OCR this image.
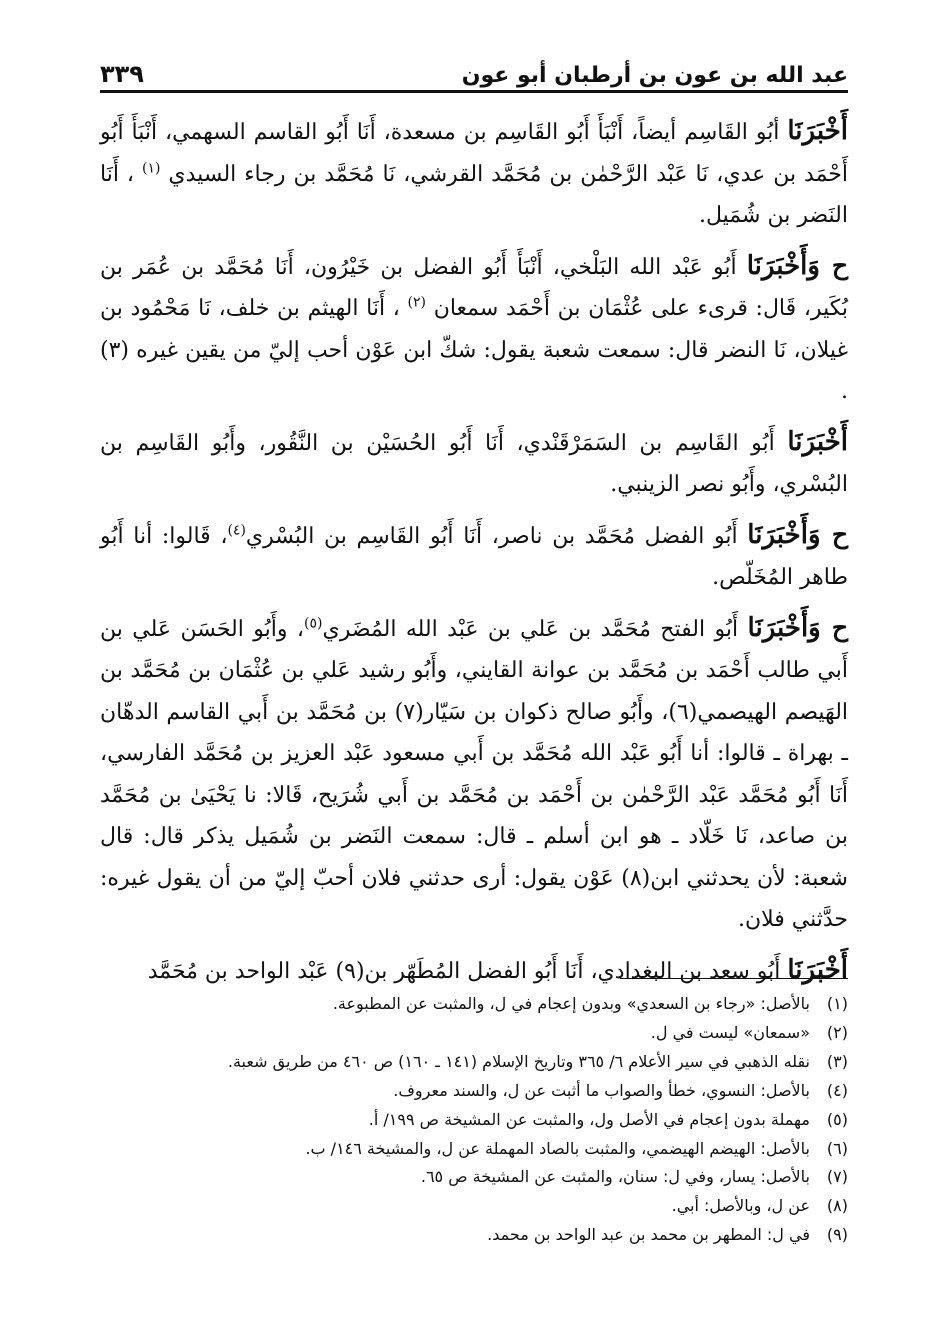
٣٣٩	عبد الله بن عون بن أرطبان أبو عون

أَخْبَرَنَا أبُو القَاسِم أيضاً، أَنْبَأَ أَبُو القَاسِم بن مسعدة، أَنَا أَبُو القاسم السهمي، أَنْبَأَ أَبُو أَحْمَد بن عدي، نَا عَبْد الرَّحْمٰن بن مُحَمَّد القرشي، نَا مُحَمَّد بن رجاء السيدي $^{(١)}$ ، أَنَا النَضر بن شُمَيل.

ح وَأَخْبَرَنَا أَبُو عَبْد الله البَلْخي، أَنْبَأَ أَبُو الفضل بن خَيْرُون، أَنَا مُحَمَّد بن عُمَر بن بُكَير، قَال: قرىء على عُثْمَان بن أَحْمَد سمعان $^{(٢)}$ ، أَنَا الهيثم بن خلف، نَا مَحْمُود بن غيلان، نَا النضر قال: سمعت شعبة يقول: شكّ ابن عَوْن أحب إليّ من يقين غيره (٣) .

أَخْبَرَنَا أَبُو القَاسِم بن السَمَرْقَنْدي، أَنَا أَبُو الحُسَيْن بن النَّقُور، وأَبُو القَاسِم بن البُسْري، وأَبُو نصر الزينبي.

ح وَأَخْبَرَنَا أَبُو الفضل مُحَمَّد بن ناصر، أَنَا أَبُو القَاسِم بن البُسْري$^{(٤)}$، قَالوا: أنا أَبُو طاهر المُخَلّص.

ح وَأَخْبَرَنَا أَبُو الفتح مُحَمَّد بن عَلي بن عَبْد الله المُضَري$^{(٥)}$، وأَبُو الحَسَن عَلي بن أَبي طالب أَحْمَد بن مُحَمَّد بن عوانة القايني، وأَبُو رشيد عَلي بن عُثْمَان بن مُحَمَّد بن الهَيصم الهيصمي(٦)، وأَبُو صالح ذكوان بن سَيّار(٧) بن مُحَمَّد بن أَبي القاسم الدهّان ـ بهراة ـ قالوا: أنا أَبُو عَبْد الله مُحَمَّد بن أَبي مسعود عَبْد العزيز بن مُحَمَّد الفارسي، أَنَا أَبُو مُحَمَّد عَبْد الرَّحْمٰن بن أَحْمَد بن مُحَمَّد بن أَبي شُرَيح، قَالا: نا يَحْيَىٰ بن مُحَمَّد بن صاعد، نَا خَلّاد ـ هو ابن أسلم ـ قال: سمعت النَضر بن شُمَيل يذكر قال: قال شعبة: لأن يحدثني ابن(٨) عَوْن يقول: أرى حدثني فلان أحبّ إليّ من أن يقول غيره: حدَّثني فلان.

أَخْبَرَنَا أَبُو سعد بن البغدادي، أَنَا أَبُو الفضل المُطَهّر بن(٩) عَبْد الواحد بن مُحَمَّد

(١)
بالأصل: «رجاء بن السعدي» وبدون إعجام في ل، والمثبت عن المطبوعة.
(٢)
«سمعان» ليست في ل.
(٣)
نقله الذهبي في سير الأعلام ٦/ ٣٦٥ وتاريخ الإسلام (١٤١ ـ ١٦٠) ص ٤٦٠ من طريق شعبة.
(٤)
بالأصل: النسوي، خطأ والصواب ما أثبت عن ل، والسند معروف.
(٥)
مهملة بدون إعجام في الأصل ول، والمثبت عن المشيخة ص ١٩٩/ أ.
(٦)
بالأصل: الهيضم الهيضمي، والمثبت بالصاد المهملة عن ل، والمشيخة ١٤٦/ ب.
(٧)
بالأصل: يسار، وفي ل: سنان، والمثبت عن المشيخة ص ٦٥.
(٨)
عن ل، وبالأصل: أبي.
(٩)
في ل: المطهر بن محمد بن عبد الواحد بن محمد.
